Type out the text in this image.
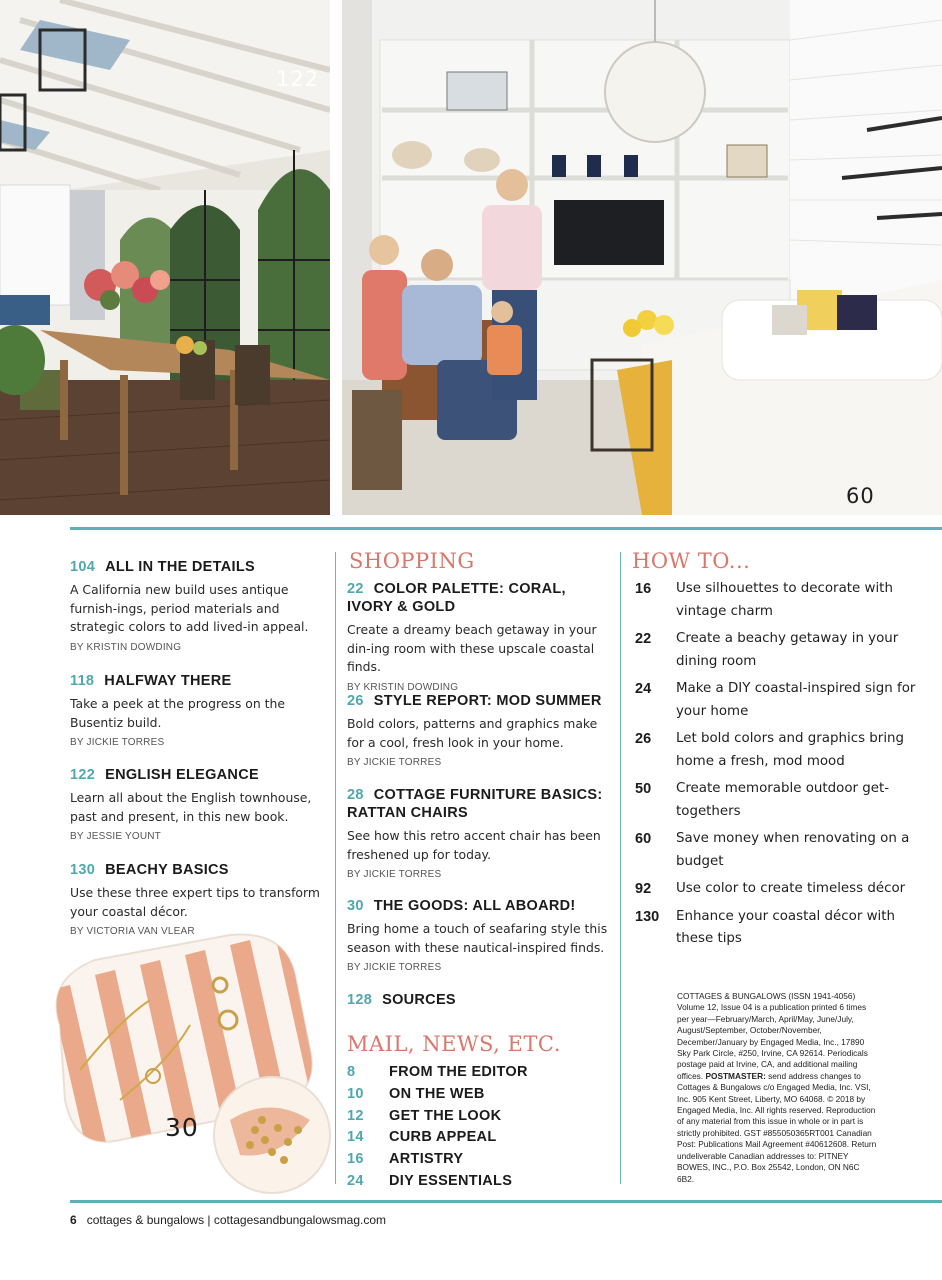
122
60
104 ALL IN THE DETAILS
A California new build uses antique furnish-ings, period materials and strategic colors to add lived-in appeal.
BY KRISTIN DOWDING
118 HALFWAY THERE
Take a peek at the progress on the Busentiz build.
BY JICKIE TORRES
122 ENGLISH ELEGANCE
Learn all about the English townhouse, past and present, in this new book.
BY JESSIE YOUNT
130 BEACHY BASICS
Use these three expert tips to transform your coastal décor.
BY VICTORIA VAN VLEAR
30
SHOPPING
22 COLOR PALETTE: CORAL, IVORY & GOLD
Create a dreamy beach getaway in your din-ing room with these upscale coastal finds.
BY KRISTIN DOWDING
26 STYLE REPORT: MOD SUMMER
Bold colors, patterns and graphics make for a cool, fresh look in your home.
BY JICKIE TORRES
28 COTTAGE FURNITURE BASICS: RATTAN CHAIRS
See how this retro accent chair has been freshened up for today.
BY JICKIE TORRES
30 THE GOODS: ALL ABOARD!
Bring home a touch of seafaring style this season with these nautical-inspired finds.
BY JICKIE TORRES
128 SOURCES
MAIL, NEWS, ETC.
8 FROM THE EDITOR
10 ON THE WEB
12 GET THE LOOK
14 CURB APPEAL
16 ARTISTRY
24 DIY ESSENTIALS
HOW TO...
16	Use silhouettes to decorate with vintage charm
22	Create a beachy getaway in your dining room
24	Make a DIY coastal-inspired sign for your home
26	Let bold colors and graphics bring home a fresh, mod mood
50	Create memorable outdoor get-togethers
60	Save money when renovating on a budget
92	Use color to create timeless décor
130	Enhance your coastal décor with these tips
COTTAGES & BUNGALOWS (ISSN 1941-4056) Volume 12, Issue 04 is a publication printed 6 times per year—February/March, April/May, June/July, August/September, October/November, December/January by Engaged Media, Inc., 17890 Sky Park Circle, #250, Irvine, CA 92614. Periodicals postage paid at Irvine, CA, and additional mailing offices. POSTMASTER: send address changes to Cottages & Bungalows c/o Engaged Media, Inc. VSI, Inc. 905 Kent Street, Liberty, MO 64068. © 2018 by Engaged Media, Inc. All rights reserved. Reproduction of any material from this issue in whole or in part is strictly prohibited. GST #855050365RT001 Canadian Post: Publications Mail Agreement #40612608. Return undeliverable Canadian addresses to: PITNEY BOWES, INC., P.O. Box 25542, London, ON N6C 6B2.
6 cottages & bungalows | cottagesandbungalowsmag.com
